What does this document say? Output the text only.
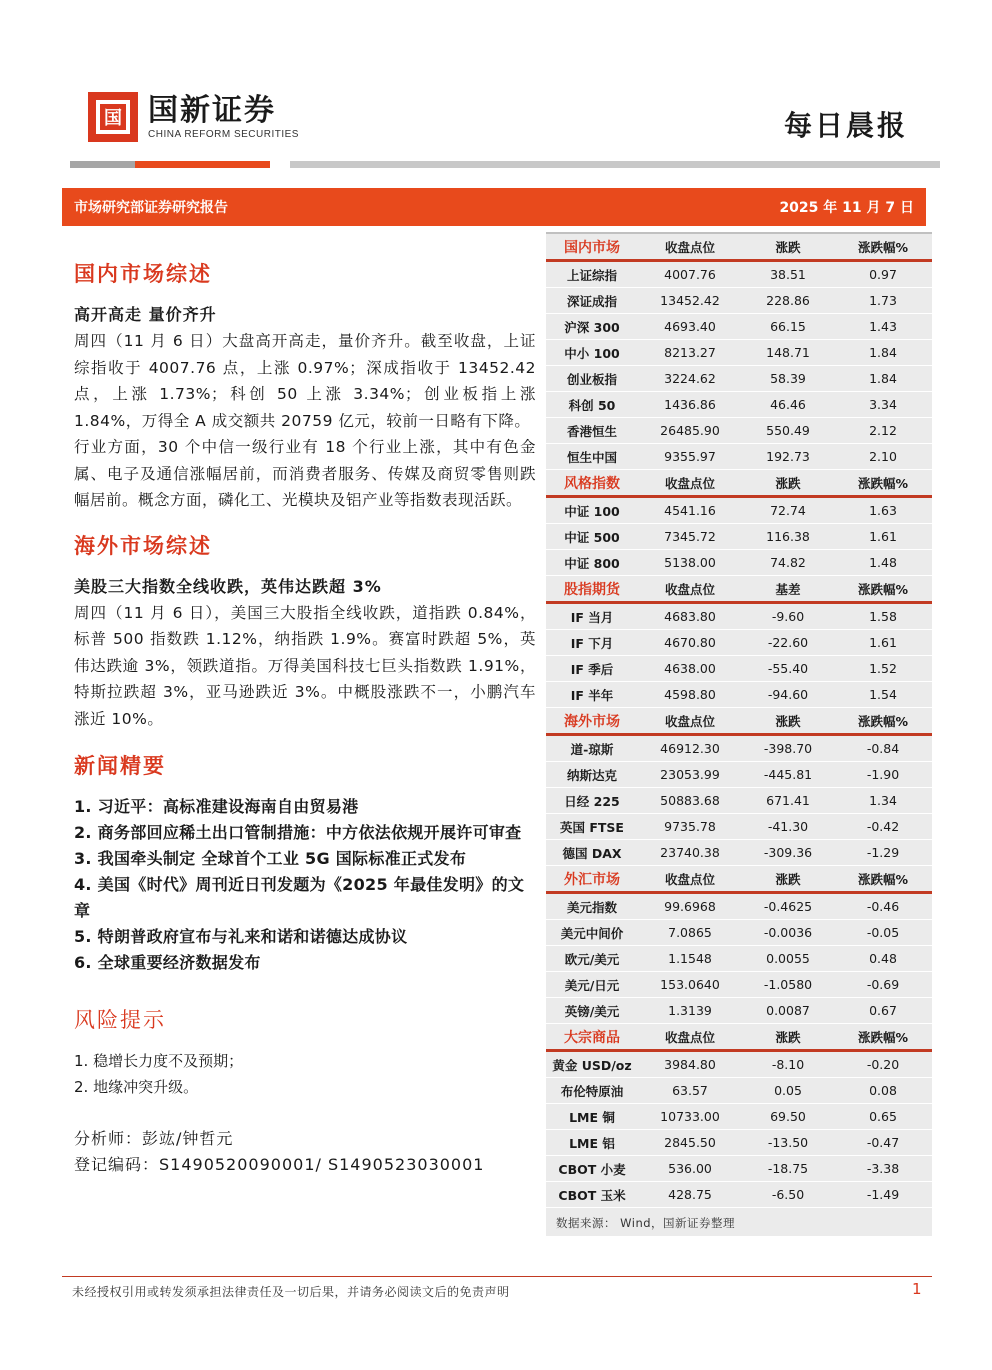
国 国新证券
CHINA REFORM SECURITIES	每日晨报
市场研究部证券研究报告	2025 年 11 月 7 日
国内市场综述
高开高走 量价齐升

周四（11 月 6 日）大盘高开高走，量价齐升。截至收盘，上证综指收于 4007.76 点，上涨 0.97%；深成指收于 13452.42 点，上涨 1.73%；科创 50 上涨 3.34%；创业板指上涨 1.84%，万得全 A 成交额共 20759 亿元，较前一日略有下降。

行业方面，30 个中信一级行业有 18 个行业上涨，其中有色金属、电子及通信涨幅居前，而消费者服务、传媒及商贸零售则跌幅居前。概念方面，磷化工、光模块及铝产业等指数表现活跃。

海外市场综述
美股三大指数全线收跌，英伟达跌超 3%

周四（11 月 6 日），美国三大股指全线收跌，道指跌 0.84%，标普 500 指数跌 1.12%，纳指跌 1.9%。赛富时跌超 5%，英伟达跌逾 3%，领跌道指。万得美国科技七巨头指数跌 1.91%，特斯拉跌超 3%，亚马逊跌近 3%。中概股涨跌不一，小鹏汽车涨近 10%。

新闻精要
1. 习近平：高标准建设海南自由贸易港
2. 商务部回应稀土出口管制措施：中方依法依规开展许可审查
3. 我国牵头制定 全球首个工业 5G 国际标准正式发布
4. 美国《时代》周刊近日刊发题为《2025 年最佳发明》的文章
5. 特朗普政府宣布与礼来和诺和诺德达成协议
6. 全球重要经济数据发布
风险提示
1. 稳增长力度不及预期；
2. 地缘冲突升级。
分析师：彭竑/钟哲元
登记编码：S1490520090001/ S1490523030001
国内市场	收盘点位	涨跌	涨跌幅%
上证综指	4007.76	38.51	0.97
深证成指	13452.42	228.86	1.73
沪深 300	4693.40	66.15	1.43
中小 100	8213.27	148.71	1.84
创业板指	3224.62	58.39	1.84
科创 50	1436.86	46.46	3.34
香港恒生	26485.90	550.49	2.12
恒生中国	9355.97	192.73	2.10
风格指数	收盘点位	涨跌	涨跌幅%
中证 100	4541.16	72.74	1.63
中证 500	7345.72	116.38	1.61
中证 800	5138.00	74.82	1.48
股指期货	收盘点位	基差	涨跌幅%
IF 当月	4683.80	-9.60	1.58
IF 下月	4670.80	-22.60	1.61
IF 季后	4638.00	-55.40	1.52
IF 半年	4598.80	-94.60	1.54
海外市场	收盘点位	涨跌	涨跌幅%
道-琼斯	46912.30	-398.70	-0.84
纳斯达克	23053.99	-445.81	-1.90
日经 225	50883.68	671.41	1.34
英国 FTSE	9735.78	-41.30	-0.42
德国 DAX	23740.38	-309.36	-1.29
外汇市场	收盘点位	涨跌	涨跌幅%
美元指数	99.6968	-0.4625	-0.46
美元中间价	7.0865	-0.0036	-0.05
欧元/美元	1.1548	0.0055	0.48
美元/日元	153.0640	-1.0580	-0.69
英镑/美元	1.3139	0.0087	0.67
大宗商品	收盘点位	涨跌	涨跌幅%
黄金 USD/oz	3984.80	-8.10	-0.20
布伦特原油	63.57	0.05	0.08
LME 铜	10733.00	69.50	0.65
LME 铝	2845.50	-13.50	-0.47
CBOT 小麦	536.00	-18.75	-3.38
CBOT 玉米	428.75	-6.50	-1.49
数据来源： Wind，国新证券整理
未经授权引用或转发须承担法律责任及一切后果，并请务必阅读文后的免责声明	1
